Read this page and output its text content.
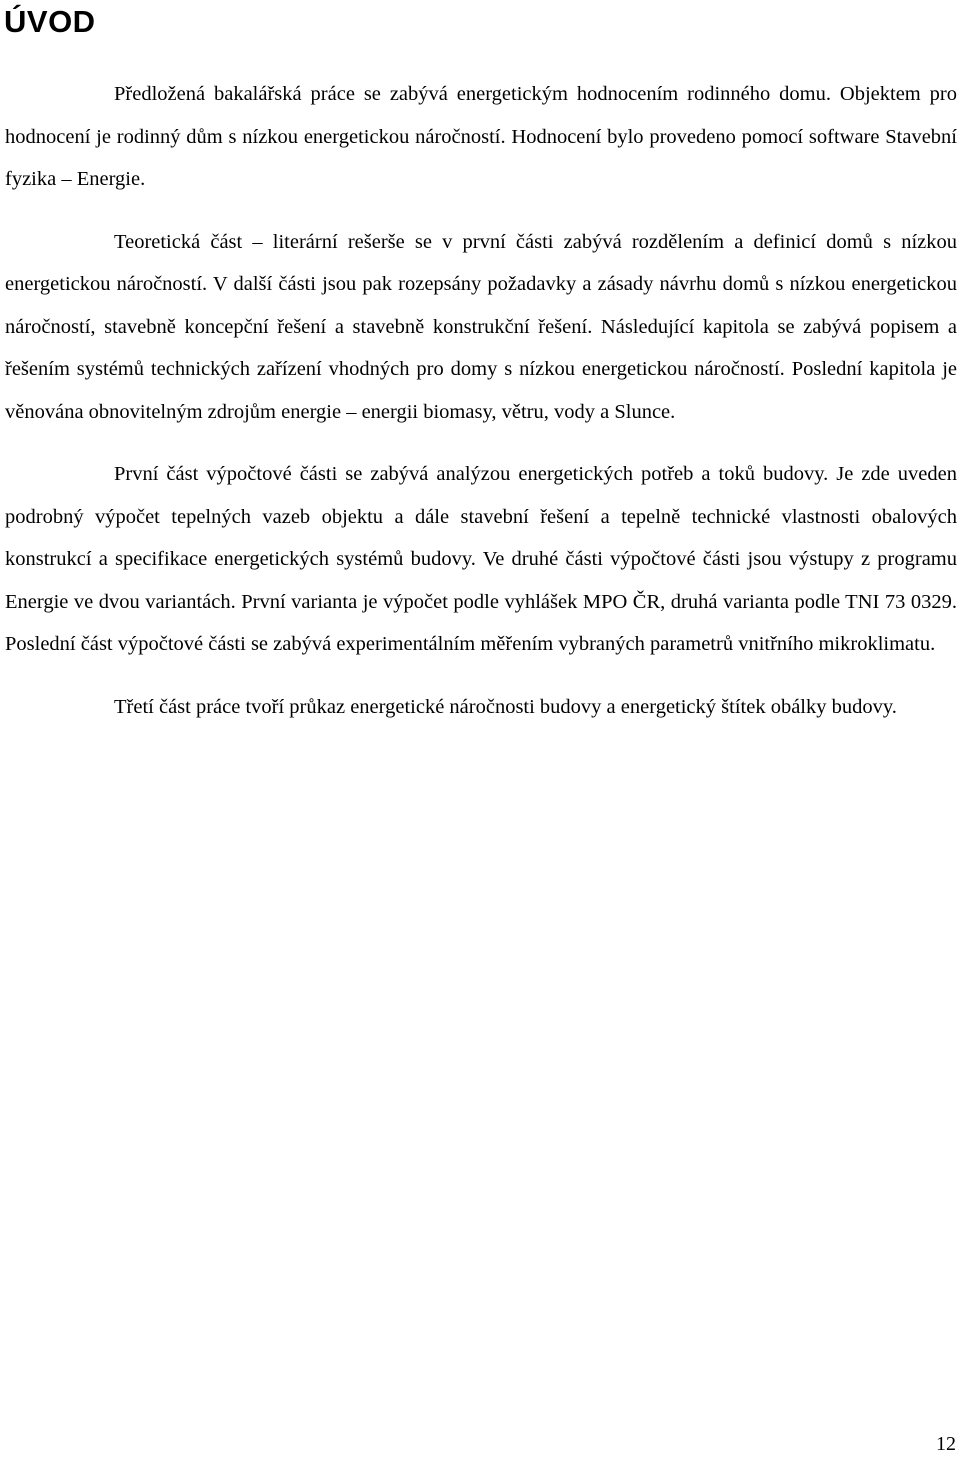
ÚVOD

Předložená bakalářská práce se zabývá energetickým hodnocením rodinného domu. Objektem pro hodnocení je rodinný dům s nízkou energetickou náročností. Hodnocení bylo provedeno pomocí software Stavební fyzika – Energie.

Teoretická část – literární rešerše se v první části zabývá rozdělením a definicí domů s nízkou energetickou náročností. V další části jsou pak rozepsány požadavky a zásady návrhu domů s nízkou energetickou náročností, stavebně koncepční řešení a stavebně konstrukční řešení. Následující kapitola se zabývá popisem a řešením systémů technických zařízení vhodných pro domy s nízkou energetickou náročností. Poslední kapitola je věnována obnovitelným zdrojům energie – energii biomasy, větru, vody a Slunce.

První část výpočtové části se zabývá analýzou energetických potřeb a toků budovy. Je zde uveden podrobný výpočet tepelných vazeb objektu a dále stavební řešení a tepelně technické vlastnosti obalových konstrukcí a specifikace energetických systémů budovy. Ve druhé části výpočtové části jsou výstupy z programu Energie ve dvou variantách. První varianta je výpočet podle vyhlášek MPO ČR, druhá varianta podle TNI 73 0329. Poslední část výpočtové části se zabývá experimentálním měřením vybraných parametrů vnitřního mikroklimatu.

Třetí část práce tvoří průkaz energetické náročnosti budovy a energetický štítek obálky budovy.

12
